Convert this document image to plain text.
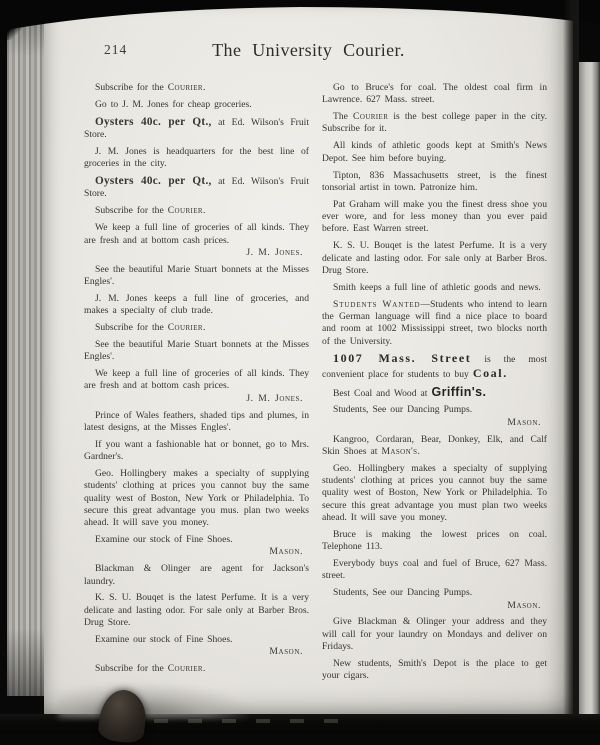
214	The University Courier.

Subscribe for the Courier.

Go to J. M. Jones for cheap groceries.

Oysters 40c. per Qt., at Ed. Wilson's Fruit Store.

J. M. Jones is headquarters for the best line of groceries in the city.

Oysters 40c. per Qt., at Ed. Wilson's Fruit Store.

Subscribe for the Courier.

We keep a full line of groceries of all kinds. They are fresh and at bottom cash prices.
J. M. Jones.

See the beautiful Marie Stuart bonnets at the Misses Engles'.

J. M. Jones keeps a full line of groceries, and makes a specialty of club trade.

Subscribe for the Courier.

See the beautiful Marie Stuart bonnets at the Misses Engles'.

We keep a full line of groceries of all kinds. They are fresh and at bottom cash prices.
J. M. Jones.

Prince of Wales feathers, shaded tips and plumes, in latest designs, at the Misses Engles'.

If you want a fashionable hat or bonnet, go to Mrs. Gardner's.

Geo. Hollingbery makes a specialty of supplying students' clothing at prices you cannot buy the same quality west of Boston, New York or Philadelphia. To secure this great advantage you mus. plan two weeks ahead. It will save you money.

Examine our stock of Fine Shoes.
Mason.

Blackman & Olinger are agent for Jackson's laundry.

K. S. U. Bouqet is the latest Perfume. It is a very delicate and lasting odor. For sale only at Barber Bros. Drug Store.

Examine our stock of Fine Shoes.
Mason.

Subscribe for the Courier.

Go to Bruce's for coal. The oldest coal firm in Lawrence. 627 Mass. street.

The Courier is the best college paper in the city. Subscribe for it.

All kinds of athletic goods kept at Smith's News Depot. See him before buying.

Tipton, 836 Massachusetts street, is the finest tonsorial artist in town. Patronize him.

Pat Graham will make you the finest dress shoe you ever wore, and for less money than you ever paid before. East Warren street.

K. S. U. Bouqet is the latest Perfume. It is a very delicate and lasting odor. For sale only at Barber Bros. Drug Store.

Smith keeps a full line of athletic goods and news.

Students Wanted—Students who intend to learn the German language will find a nice place to board and room at 1002 Mississippi street, two blocks north of the University.

1007 Mass. Street is the most convenient place for students to buy Coal.

Best Coal and Wood at Griffin's.

Students, See our Dancing Pumps.
Mason.

Kangroo, Cordaran, Bear, Donkey, Elk, and Calf Skin Shoes at Mason's.

Geo. Hollingbery makes a specialty of supplying students' clothing at prices you cannot buy the same quality west of Boston, New York or Philadelphia. To secure this great advantage you must plan two weeks ahead. It will save you money.

Bruce is making the lowest prices on coal. Telephone 113.

Everybody buys coal and fuel of Bruce, 627 Mass. street.

Students, See our Dancing Pumps.
Mason.

Give Blackman & Olinger your address and they will call for your laundry on Mondays and deliver on Fridays.

New students, Smith's Depot is the place to get your cigars.
